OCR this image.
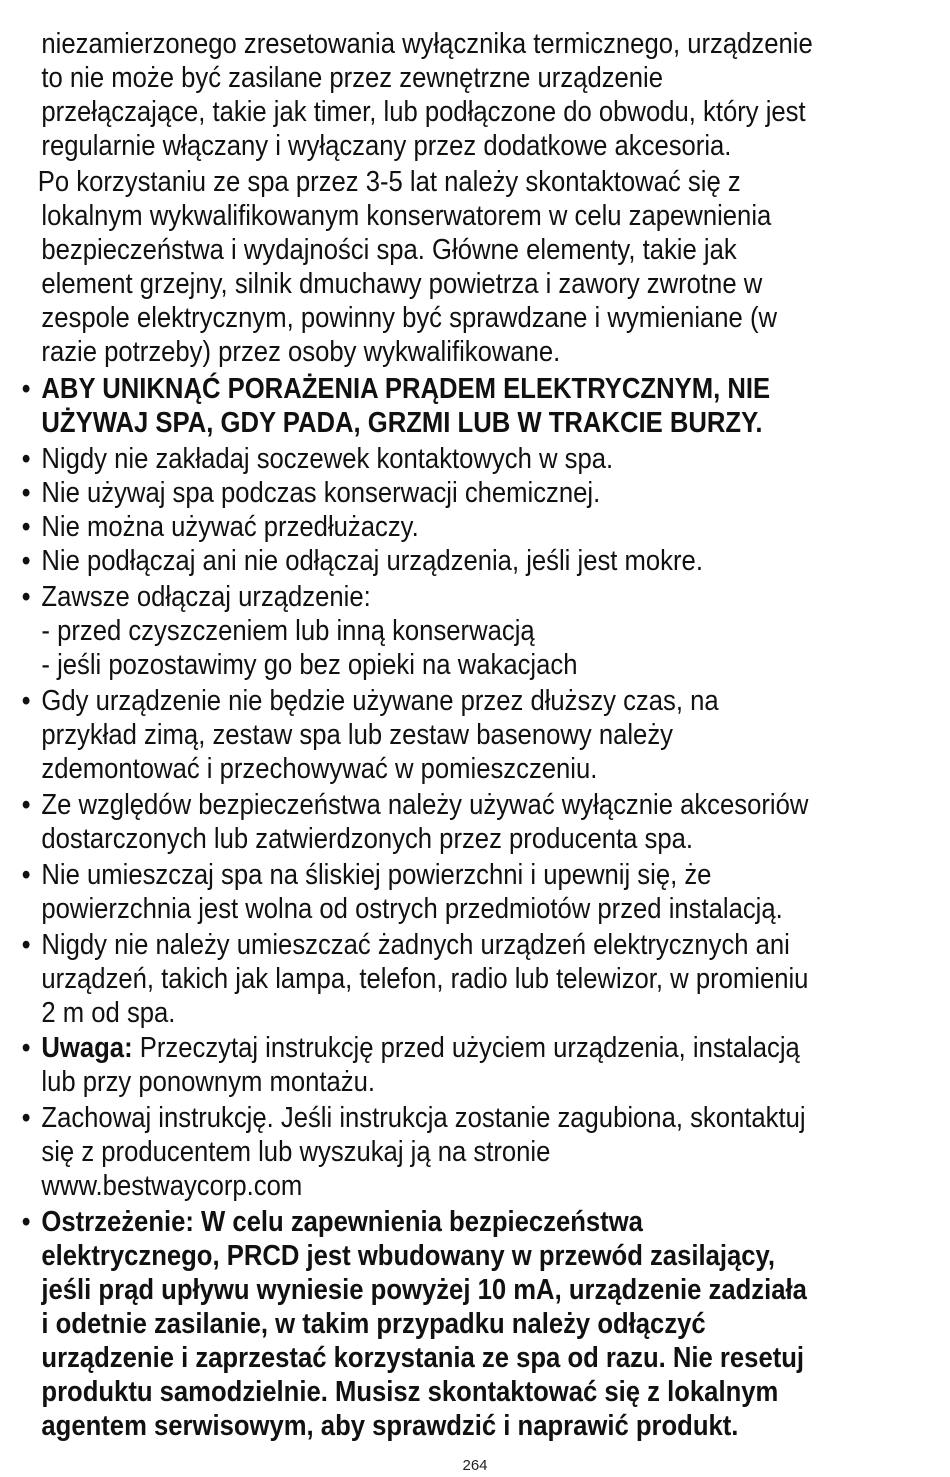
niezamierzonego zresetowania wyłącznika termicznego, urządzenie
to nie może być zasilane przez zewnętrzne urządzenie
przełączające, takie jak timer, lub podłączone do obwodu, który jest
regularnie włączany i wyłączany przez dodatkowe akcesoria.
Po korzystaniu ze spa przez 3-5 lat należy skontaktować się z
lokalnym wykwalifikowanym konserwatorem w celu zapewnienia
bezpieczeństwa i wydajności spa. Główne elementy, takie jak
element grzejny, silnik dmuchawy powietrza i zawory zwrotne w
zespole elektrycznym, powinny być sprawdzane i wymieniane (w
razie potrzeby) przez osoby wykwalifikowane.
• ABY UNIKNĄĆ PORAŻENIA PRĄDEM ELEKTRYCZNYM, NIE
UŻYWAJ SPA, GDY PADA, GRZMI LUB W TRAKCIE BURZY.
• Nigdy nie zakładaj soczewek kontaktowych w spa.
• Nie używaj spa podczas konserwacji chemicznej.
• Nie można używać przedłużaczy.
• Nie podłączaj ani nie odłączaj urządzenia, jeśli jest mokre.
• Zawsze odłączaj urządzenie:
- przed czyszczeniem lub inną konserwacją
- jeśli pozostawimy go bez opieki na wakacjach
• Gdy urządzenie nie będzie używane przez dłuższy czas, na
przykład zimą, zestaw spa lub zestaw basenowy należy
zdemontować i przechowywać w pomieszczeniu.
• Ze względów bezpieczeństwa należy używać wyłącznie akcesoriów
dostarczonych lub zatwierdzonych przez producenta spa.
• Nie umieszczaj spa na śliskiej powierzchni i upewnij się, że
powierzchnia jest wolna od ostrych przedmiotów przed instalacją.
• Nigdy nie należy umieszczać żadnych urządzeń elektrycznych ani
urządzeń, takich jak lampa, telefon, radio lub telewizor, w promieniu
2 m od spa.
• Uwaga: Przeczytaj instrukcję przed użyciem urządzenia, instalacją
lub przy ponownym montażu.
• Zachowaj instrukcję. Jeśli instrukcja zostanie zagubiona, skontaktuj
się z producentem lub wyszukaj ją na stronie
www.bestwaycorp.com
• Ostrzeżenie: W celu zapewnienia bezpieczeństwa
elektrycznego, PRCD jest wbudowany w przewód zasilający,
jeśli prąd upływu wyniesie powyżej 10 mA, urządzenie zadziała
i odetnie zasilanie, w takim przypadku należy odłączyć
urządzenie i zaprzestać korzystania ze spa od razu. Nie resetuj
produktu samodzielnie. Musisz skontaktować się z lokalnym
agentem serwisowym, aby sprawdzić i naprawić produkt.
264
